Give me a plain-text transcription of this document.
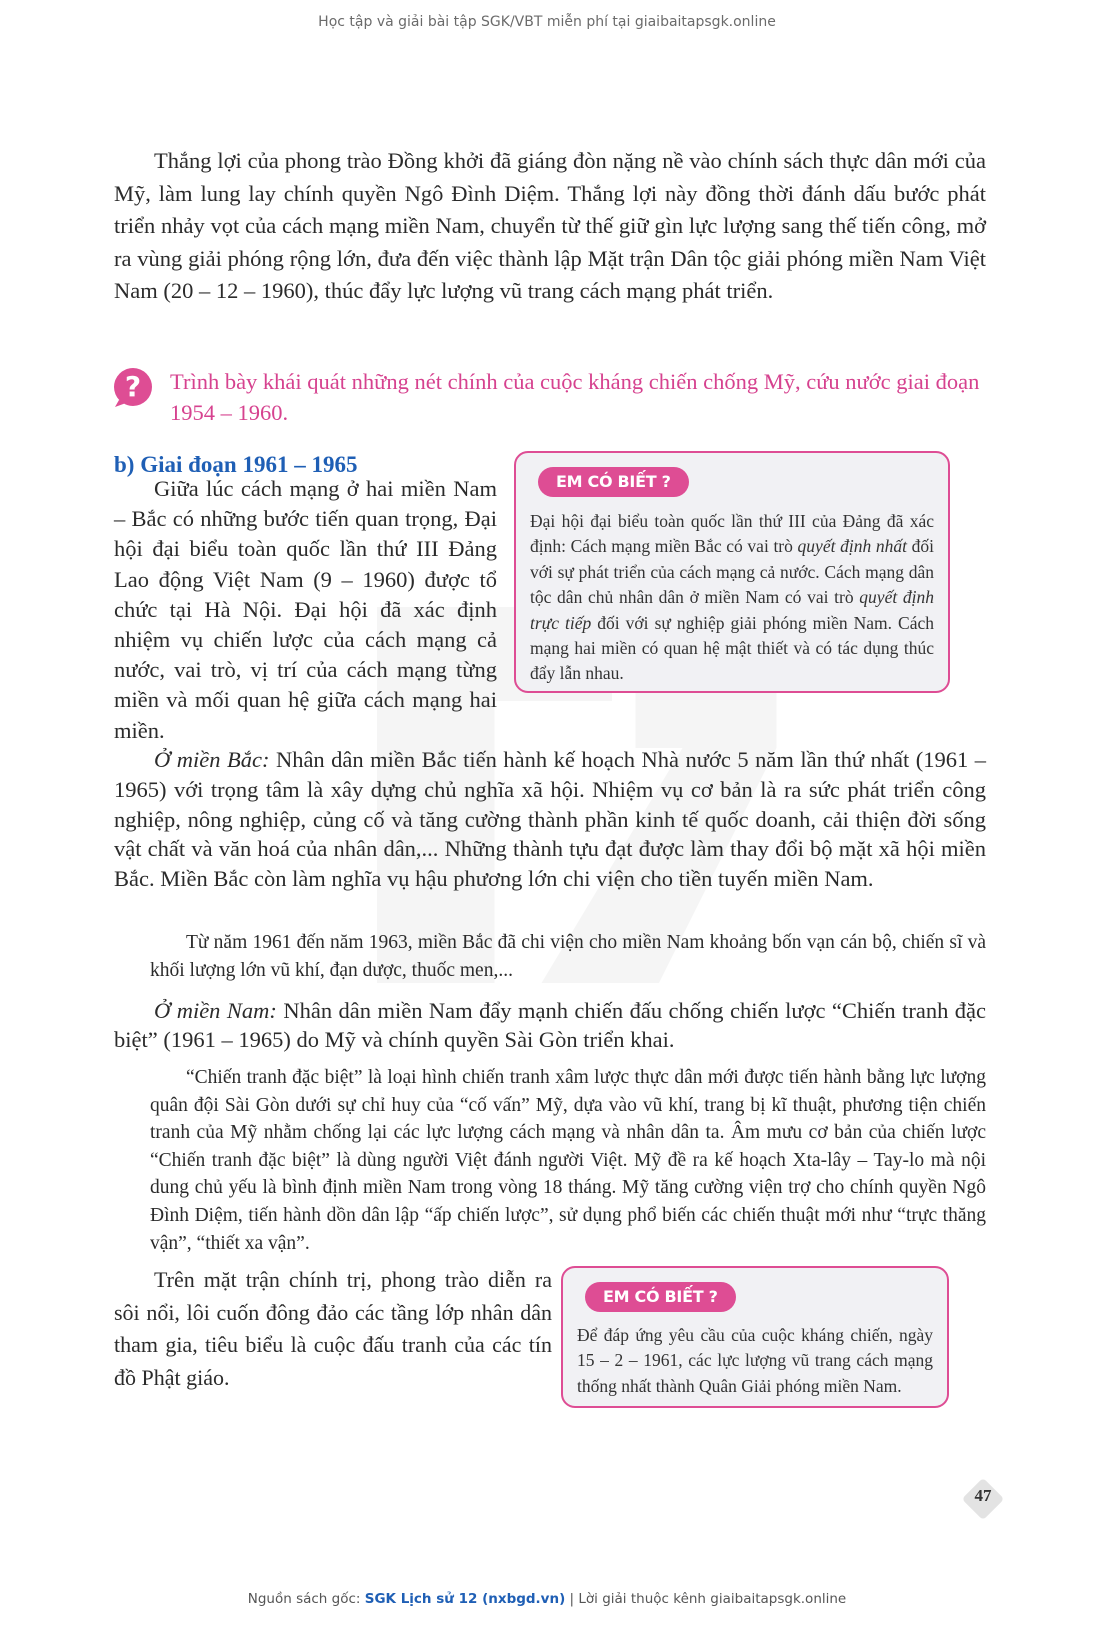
Học tập và giải bài tập SGK/VBT miễn phí tại giaibaitapsgk.online

Thắng lợi của phong trào Đồng khởi đã giáng đòn nặng nề vào chính sách thực dân mới của Mỹ, làm lung lay chính quyền Ngô Đình Diệm. Thắng lợi này đồng thời đánh dấu bước phát triển nhảy vọt của cách mạng miền Nam, chuyển từ thế giữ gìn lực lượng sang thế tiến công, mở ra vùng giải phóng rộng lớn, đưa đến việc thành lập Mặt trận Dân tộc giải phóng miền Nam Việt Nam (20 – 12 – 1960), thúc đẩy lực lượng vũ trang cách mạng phát triển.

? Trình bày khái quát những nét chính của cuộc kháng chiến chống Mỹ, cứu nước giai đoạn 1954 – 1960.

b) Giai đoạn 1961 – 1965

Giữa lúc cách mạng ở hai miền Nam – Bắc có những bước tiến quan trọng, Đại hội đại biểu toàn quốc lần thứ III Đảng Lao động Việt Nam (9 – 1960) được tổ chức tại Hà Nội. Đại hội đã xác định nhiệm vụ chiến lược của cách mạng cả nước, vai trò, vị trí của cách mạng từng miền và mối quan hệ giữa cách mạng hai miền.

EM CÓ BIẾT ?

Đại hội đại biểu toàn quốc lần thứ III của Đảng đã xác định: Cách mạng miền Bắc có vai trò quyết định nhất đối với sự phát triển của cách mạng cả nước. Cách mạng dân tộc dân chủ nhân dân ở miền Nam có vai trò quyết định trực tiếp đối với sự nghiệp giải phóng miền Nam. Cách mạng hai miền có quan hệ mật thiết và có tác dụng thúc đẩy lẫn nhau.

Ở miền Bắc: Nhân dân miền Bắc tiến hành kế hoạch Nhà nước 5 năm lần thứ nhất (1961 – 1965) với trọng tâm là xây dựng chủ nghĩa xã hội. Nhiệm vụ cơ bản là ra sức phát triển công nghiệp, nông nghiệp, củng cố và tăng cường thành phần kinh tế quốc doanh, cải thiện đời sống vật chất và văn hoá của nhân dân,... Những thành tựu đạt được làm thay đổi bộ mặt xã hội miền Bắc. Miền Bắc còn làm nghĩa vụ hậu phương lớn chi viện cho tiền tuyến miền Nam.

Từ năm 1961 đến năm 1963, miền Bắc đã chi viện cho miền Nam khoảng bốn vạn cán bộ, chiến sĩ và khối lượng lớn vũ khí, đạn dược, thuốc men,...

Ở miền Nam: Nhân dân miền Nam đẩy mạnh chiến đấu chống chiến lược “Chiến tranh đặc biệt” (1961 – 1965) do Mỹ và chính quyền Sài Gòn triển khai.

“Chiến tranh đặc biệt” là loại hình chiến tranh xâm lược thực dân mới được tiến hành bằng lực lượng quân đội Sài Gòn dưới sự chỉ huy của “cố vấn” Mỹ, dựa vào vũ khí, trang bị kĩ thuật, phương tiện chiến tranh của Mỹ nhằm chống lại các lực lượng cách mạng và nhân dân ta. Âm mưu cơ bản của chiến lược “Chiến tranh đặc biệt” là dùng người Việt đánh người Việt. Mỹ đề ra kế hoạch Xta-lây – Tay-lo mà nội dung chủ yếu là bình định miền Nam trong vòng 18 tháng. Mỹ tăng cường viện trợ cho chính quyền Ngô Đình Diệm, tiến hành dồn dân lập “ấp chiến lược”, sử dụng phổ biến các chiến thuật mới như “trực thăng vận”, “thiết xa vận”.

Trên mặt trận chính trị, phong trào diễn ra sôi nổi, lôi cuốn đông đảo các tầng lớp nhân dân tham gia, tiêu biểu là cuộc đấu tranh của các tín đồ Phật giáo.

EM CÓ BIẾT ?

Để đáp ứng yêu cầu của cuộc kháng chiến, ngày 15 – 2 – 1961, các lực lượng vũ trang cách mạng thống nhất thành Quân Giải phóng miền Nam.

47
Nguồn sách gốc: SGK Lịch sử 12 (nxbgd.vn) | Lời giải thuộc kênh giaibaitapsgk.online
